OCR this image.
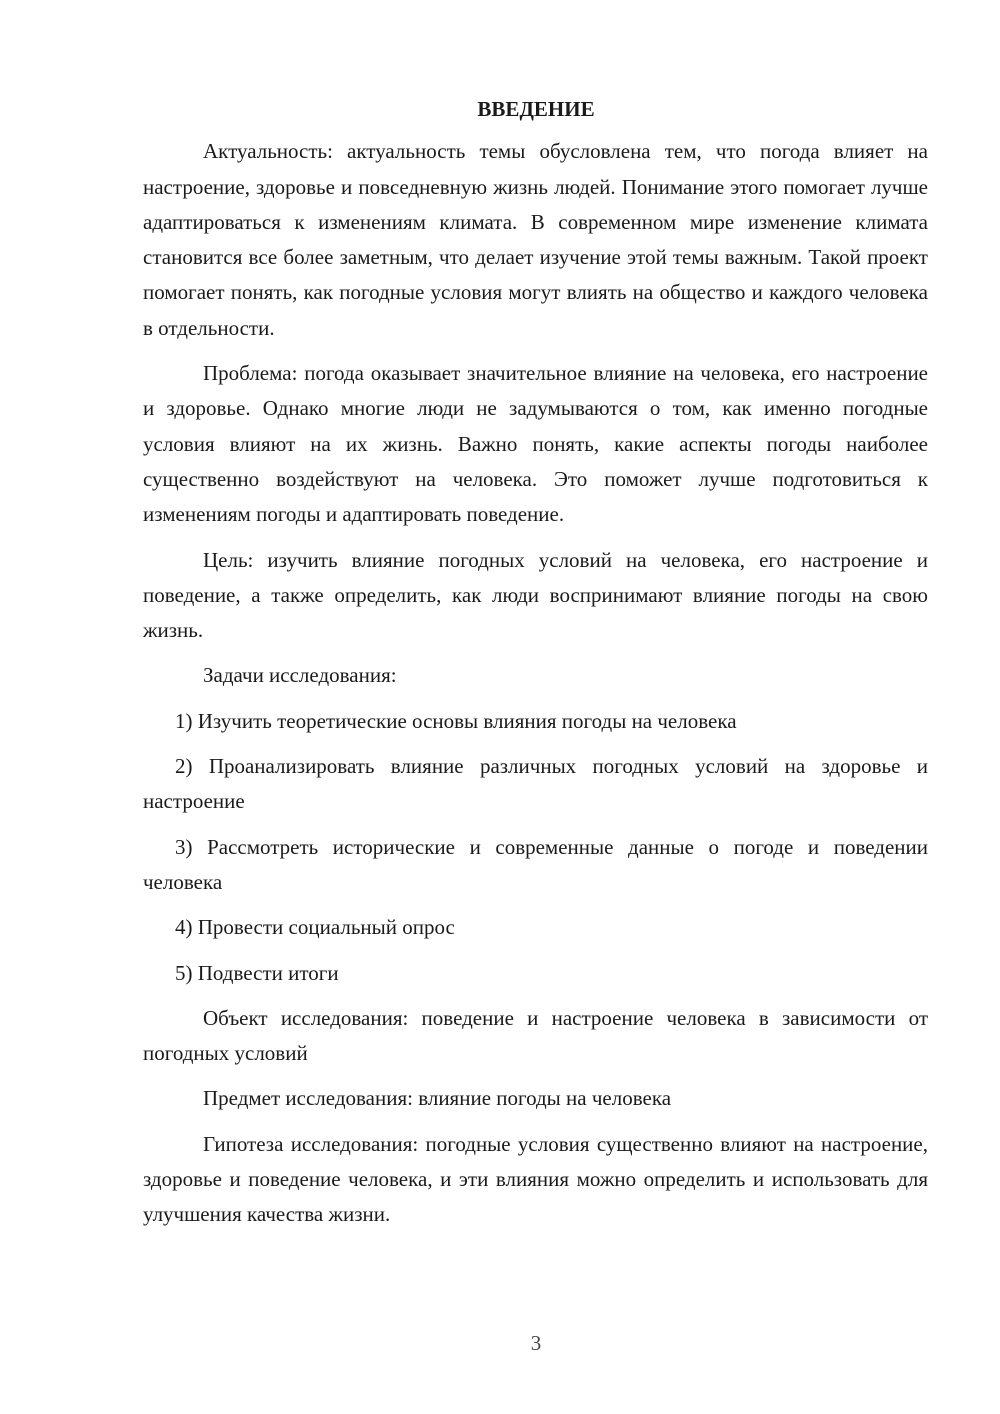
ВВЕДЕНИЕ

Актуальность: актуальность темы обусловлена тем, что погода влияет на настроение, здоровье и повседневную жизнь людей. Понимание этого помогает лучше адаптироваться к изменениям климата. В современном мире изменение климата становится все более заметным, что делает изучение этой темы важным. Такой проект помогает понять, как погодные условия могут влиять на общество и каждого человека в отдельности.

Проблема: погода оказывает значительное влияние на человека, его настроение и здоровье. Однако многие люди не задумываются о том, как именно погодные условия влияют на их жизнь. Важно понять, какие аспекты погоды наиболее существенно воздействуют на человека. Это поможет лучше подготовиться к изменениям погоды и адаптировать поведение.

Цель: изучить влияние погодных условий на человека, его настроение и поведение, а также определить, как люди воспринимают влияние погоды на свою жизнь.

Задачи исследования:

1) Изучить теоретические основы влияния погоды на человека

2) Проанализировать влияние различных погодных условий на здоровье и настроение

3) Рассмотреть исторические и современные данные о погоде и поведении человека

4) Провести социальный опрос

5) Подвести итоги

Объект исследования: поведение и настроение человека в зависимости от погодных условий

Предмет исследования: влияние погоды на человека

Гипотеза исследования: погодные условия существенно влияют на настроение, здоровье и поведение человека, и эти влияния можно определить и использовать для улучшения качества жизни.

3
